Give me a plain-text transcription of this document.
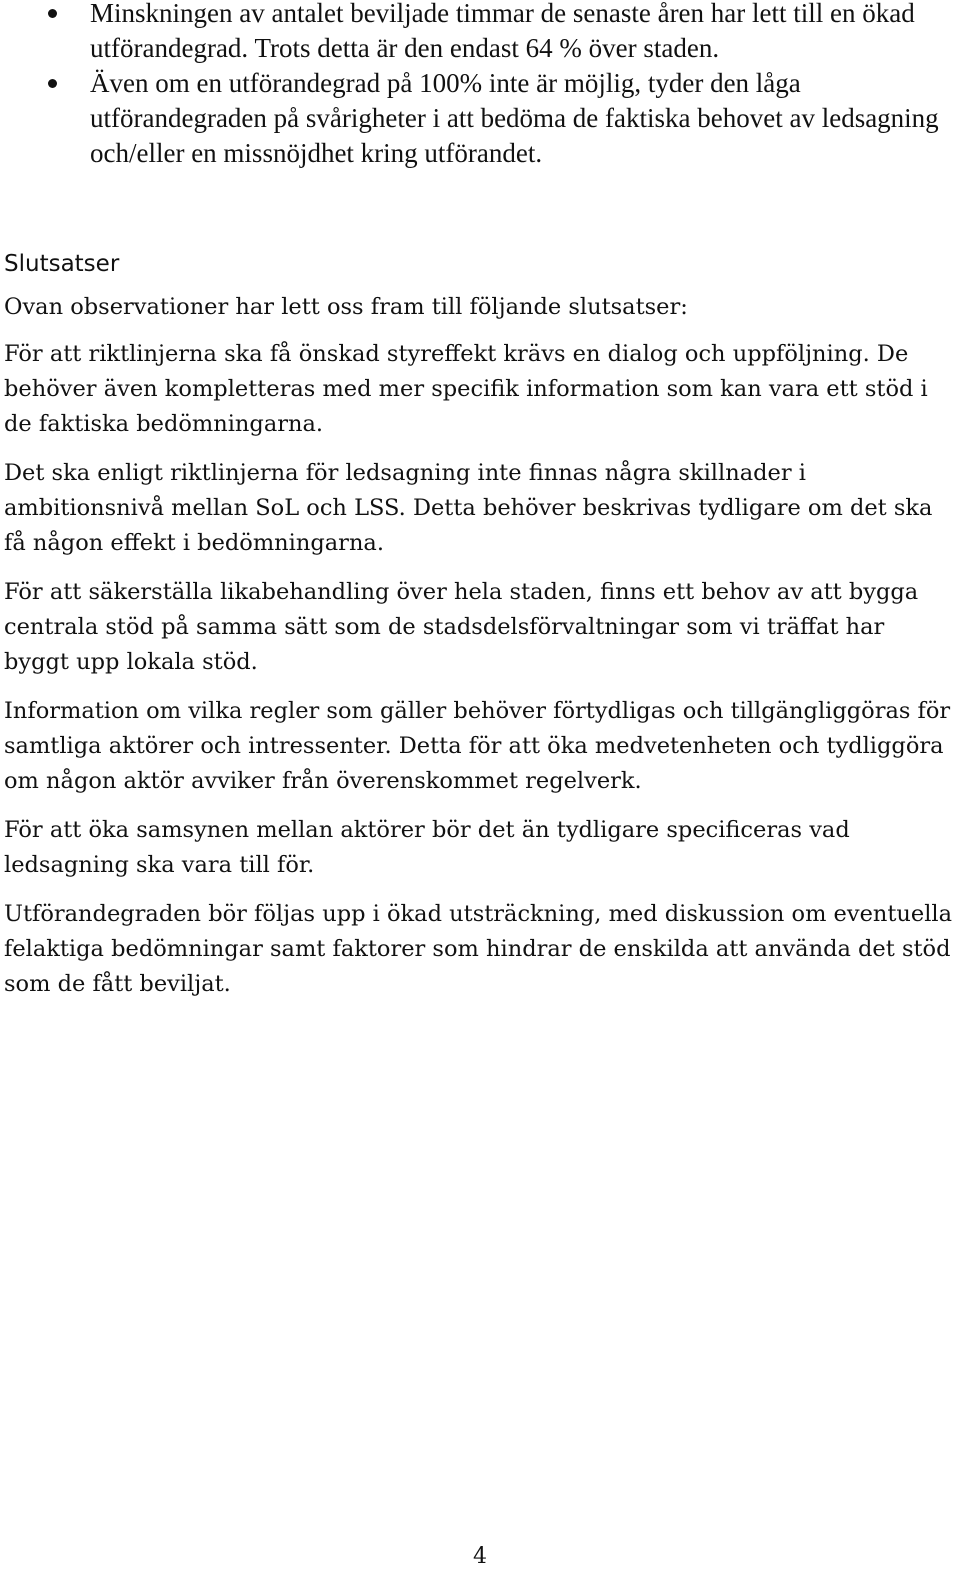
Minskningen av antalet beviljade timmar de senaste åren har lett till en ökad utförandegrad. Trots detta är den endast 64 % över staden.
Även om en utförandegrad på 100% inte är möjlig, tyder den låga utförandegraden på svårigheter i att bedöma de faktiska behovet av ledsagning och/eller en missnöjdhet kring utförandet.
Slutsatser

Ovan observationer har lett oss fram till följande slutsatser:

För att riktlinjerna ska få önskad styreffekt krävs en dialog och uppföljning. De behöver även kompletteras med mer specifik information som kan vara ett stöd i de faktiska bedömningarna.

Det ska enligt riktlinjerna för ledsagning inte finnas några skillnader i ambitionsnivå mellan SoL och LSS. Detta behöver beskrivas tydligare om det ska få någon effekt i bedömningarna.

För att säkerställa likabehandling över hela staden, finns ett behov av att bygga centrala stöd på samma sätt som de stadsdelsförvaltningar som vi träffat har byggt upp lokala stöd.

Information om vilka regler som gäller behöver förtydligas och tillgängliggöras för samtliga aktörer och intressenter. Detta för att öka medvetenheten och tydliggöra om någon aktör avviker från överenskommet regelverk.

För att öka samsynen mellan aktörer bör det än tydligare specificeras vad ledsagning ska vara till för.

Utförandegraden bör följas upp i ökad utsträckning, med diskussion om eventuella felaktiga bedömningar samt faktorer som hindrar de enskilda att använda det stöd som de fått beviljat.

4
